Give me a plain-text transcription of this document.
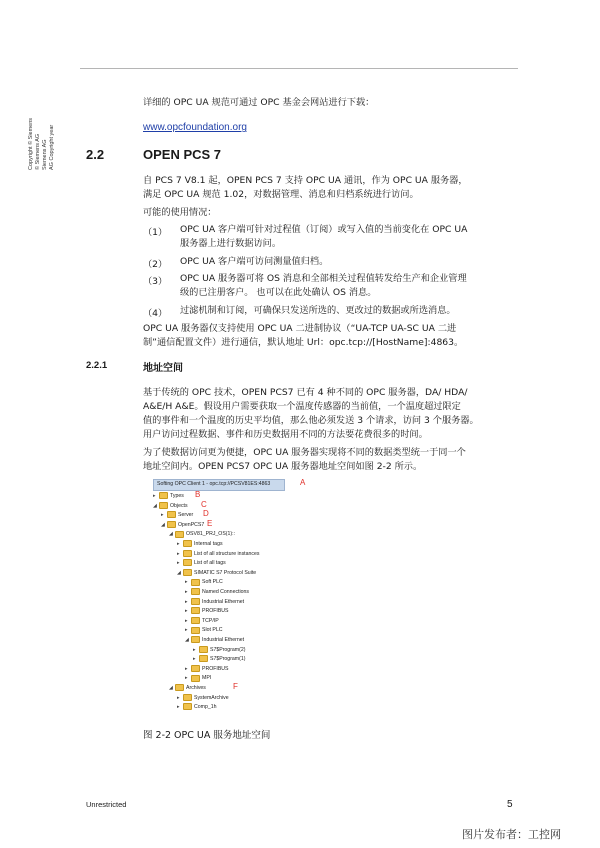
Copyright © Siemens © Siemens AG Siemens AG AG Copyright year
详细的 OPC UA 规范可通过 OPC 基金会网站进行下载：
www.opcfoundation.org
2.2	OPEN PCS 7
自 PCS 7 V8.1 起，OPEN PCS 7 支持 OPC UA 通讯，作为 OPC UA 服务器，
满足 OPC UA 规范 1.02，对数据管理、消息和归档系统进行访问。
可能的使用情况：
（1） OPC UA 客户端可针对过程值（订阅）或写入值的当前变化在 OPC UA
服务器上进行数据访问。
（2） OPC UA 客户端可访问测量值归档。
（3） OPC UA 服务器可将 OS 消息和全部相关过程值转发给生产和企业管理
级的已注册客户。 也可以在此处确认 OS 消息。
（4） 过滤机制和订阅，可确保只发送所选的、更改过的数据或所选消息。
OPC UA 服务器仅支持使用 OPC UA 二进制协议（“UA-TCP UA-SC UA 二进
制”通信配置文件）进行通信，默认地址 Url：opc.tcp://[HostName]:4863。
2.2.1	地址空间
基于传统的 OPC 技术，OPEN PCS7 已有 4 种不同的 OPC 服务器，DA/ HDA/
A&E/H A&E。假设用户需要获取一个温度传感器的当前值，一个温度超过限定
值的事件和一个温度的历史平均值，那么他必须发送 3 个请求，访问 3 个服务器。
用户访问过程数据、事件和历史数据用不同的方法要花费很多的时间。
为了使数据访问更为便捷，OPC UA 服务器实现将不同的数据类型统一于同一个
地址空间内。OPEN PCS7 OPC UA 服务器地址空间如图 2-2 所示。
Softing OPC Client 1 - opc.tcp://PCSV81ES:4863	A
▸	Types B
◢	Objects C
▸	Server D
◢	OpenPCS7 E
◢	OSV81_PRJ_OS(1)::
▸	Internal tags
▸	List of all structure instances
▸	List of all tags
◢	SIMATIC S7 Protocol Suite
▸	Soft PLC
▸	Named Connections
▸	Industrial Ethernet
▸	PROFIBUS
▸	TCP/IP
▸	Slot PLC
◢	Industrial Ethernet
▸	S7$Program(2)
▸	S7$Program(1)
▸	PROFIBUS
▸	MPI
◢	Archives	F
▸	SystemArchive
▸	Comp_1h
图 2-2 OPC UA 服务地址空间
Unrestricted	5
图片发布者：工控网
